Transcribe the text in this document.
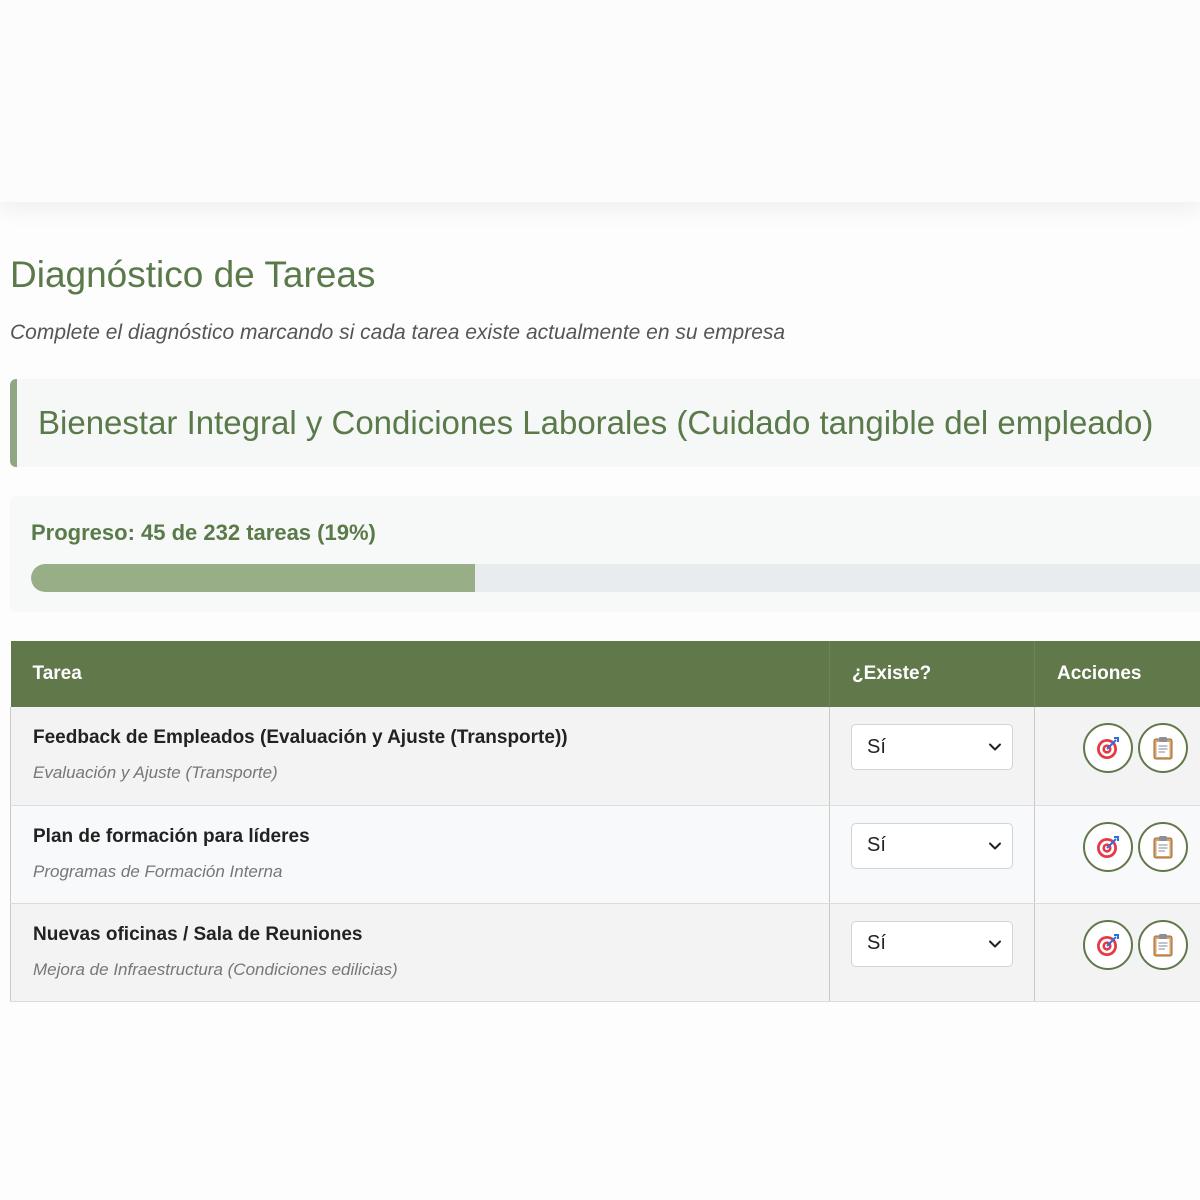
Diagnóstico de Tareas

Complete el diagnóstico marcando si cada tarea existe actualmente en su empresa

Bienestar Integral y Condiciones Laborales (Cuidado tangible del empleado)
Progreso: 45 de 232 tareas (19%)
Tarea	¿Existe?	Acciones

Feedback de Empleados (Evaluación y Ajuste (Transporte))
Evaluación y Ajuste (Transporte)	Sí

Plan de formación para líderes
Programas de Formación Interna	Sí

Nuevas oficinas / Sala de Reuniones
Mejora de Infraestructura (Condiciones edilicias)	Sí
